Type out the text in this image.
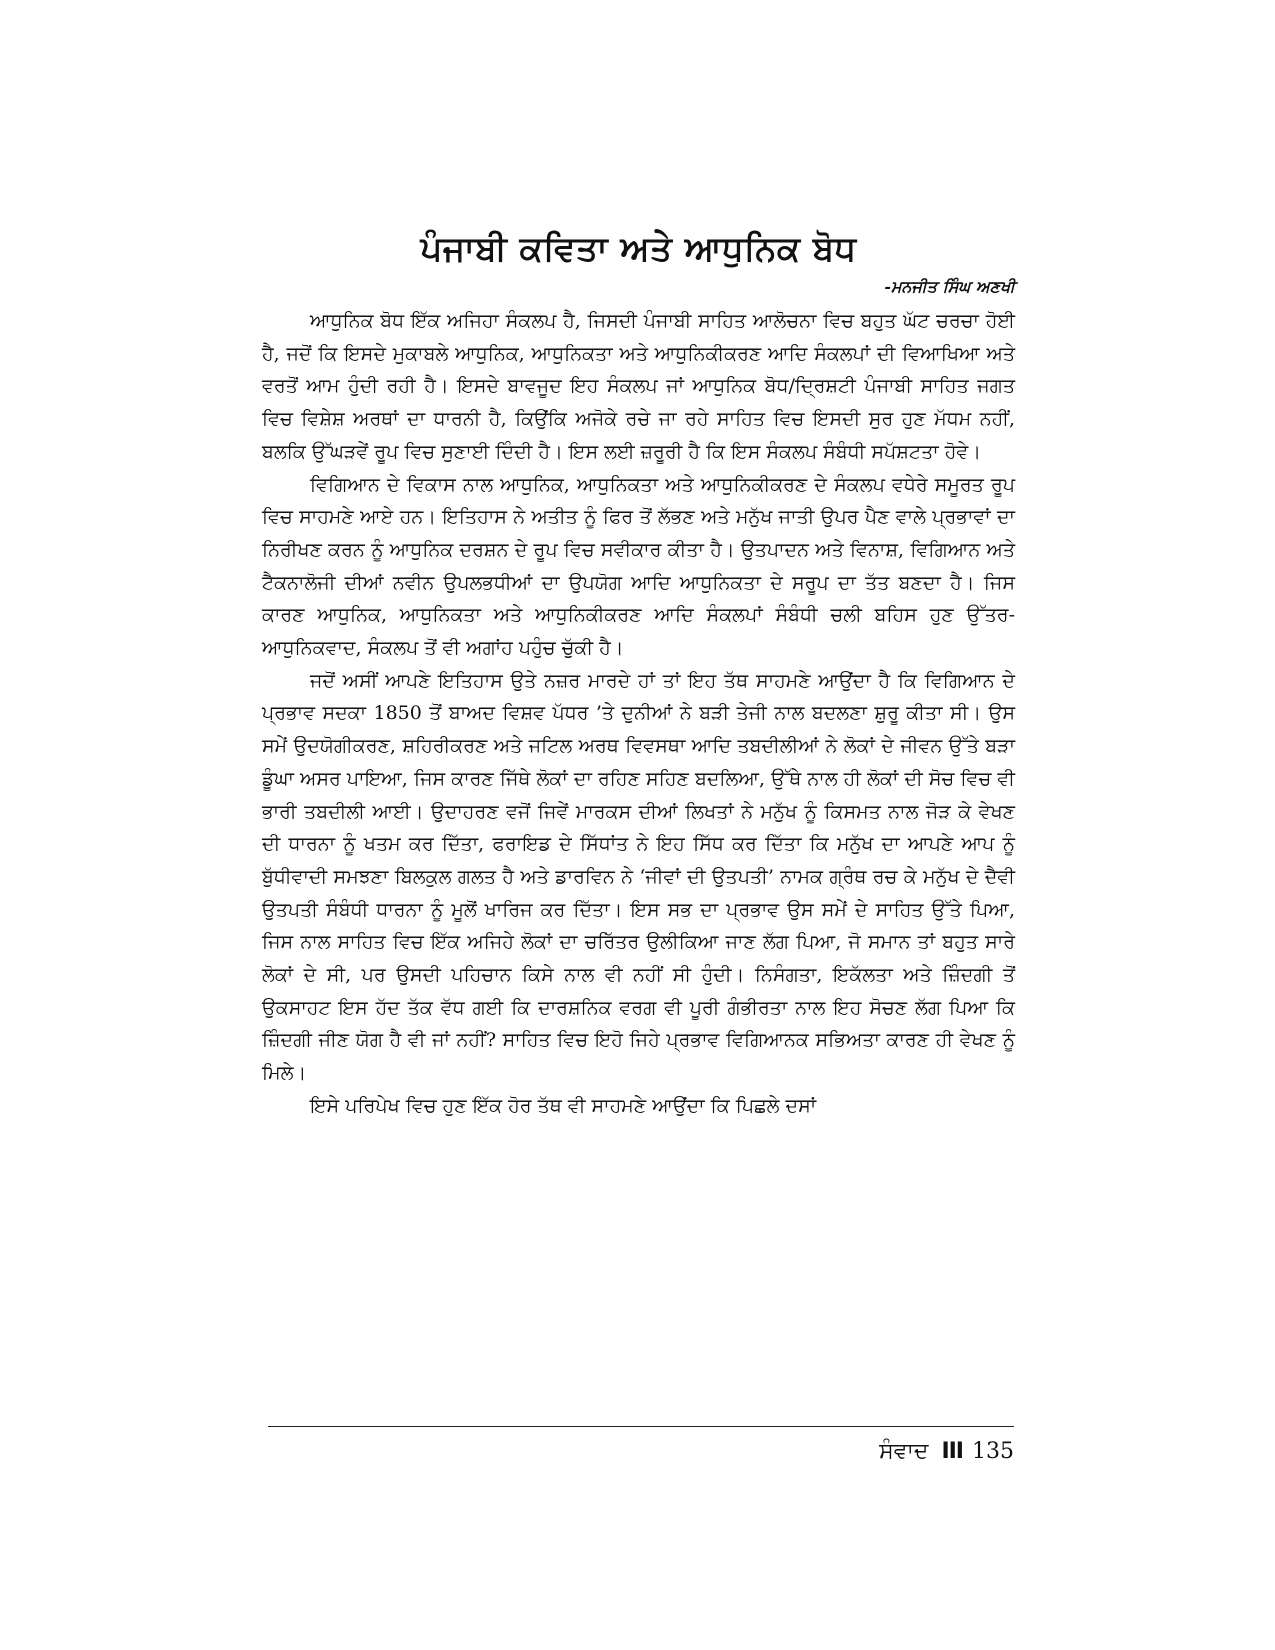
ਪੰਜਾਬੀ ਕਵਿਤਾ ਅਤੇ ਆਧੁਨਿਕ ਬੋਧ
-ਮਨਜੀਤ ਸਿੰਘ ਅਣਖੀ

ਆਧੁਨਿਕ ਬੋਧ ਇੱਕ ਅਜਿਹਾ ਸੰਕਲਪ ਹੈ, ਜਿਸਦੀ ਪੰਜਾਬੀ ਸਾਹਿਤ ਆਲੋਚਨਾ ਵਿਚ ਬਹੁਤ ਘੱਟ ਚਰਚਾ ਹੋਈ ਹੈ, ਜਦੋਂ ਕਿ ਇਸਦੇ ਮੁਕਾਬਲੇ ਆਧੁਨਿਕ, ਆਧੁਨਿਕਤਾ ਅਤੇ ਆਧੁਨਿਕੀਕਰਣ ਆਦਿ ਸੰਕਲਪਾਂ ਦੀ ਵਿਆਖਿਆ ਅਤੇ ਵਰਤੋਂ ਆਮ ਹੁੰਦੀ ਰਹੀ ਹੈ। ਇਸਦੇ ਬਾਵਜੂਦ ਇਹ ਸੰਕਲਪ ਜਾਂ ਆਧੁਨਿਕ ਬੋਧ/ਦ੍ਰਿਸ਼ਟੀ ਪੰਜਾਬੀ ਸਾਹਿਤ ਜਗਤ ਵਿਚ ਵਿਸ਼ੇਸ਼ ਅਰਥਾਂ ਦਾ ਧਾਰਨੀ ਹੈ, ਕਿਉਂਕਿ ਅਜੋਕੇ ਰਚੇ ਜਾ ਰਹੇ ਸਾਹਿਤ ਵਿਚ ਇਸਦੀ ਸੁਰ ਹੁਣ ਮੱਧਮ ਨਹੀਂ, ਬਲਕਿ ਉੱਘੜਵੇਂ ਰੂਪ ਵਿਚ ਸੁਣਾਈ ਦਿੰਦੀ ਹੈ। ਇਸ ਲਈ ਜ਼ਰੂਰੀ ਹੈ ਕਿ ਇਸ ਸੰਕਲਪ ਸੰਬੰਧੀ ਸਪੱਸ਼ਟਤਾ ਹੋਵੇ।

ਵਿਗਿਆਨ ਦੇ ਵਿਕਾਸ ਨਾਲ ਆਧੁਨਿਕ, ਆਧੁਨਿਕਤਾ ਅਤੇ ਆਧੁਨਿਕੀਕਰਣ ਦੇ ਸੰਕਲਪ ਵਧੇਰੇ ਸਮੂਰਤ ਰੂਪ ਵਿਚ ਸਾਹਮਣੇ ਆਏ ਹਨ। ਇਤਿਹਾਸ ਨੇ ਅਤੀਤ ਨੂੰ ਫਿਰ ਤੋਂ ਲੱਭਣ ਅਤੇ ਮਨੁੱਖ ਜਾਤੀ ਉਪਰ ਪੈਣ ਵਾਲੇ ਪ੍ਰਭਾਵਾਂ ਦਾ ਨਿਰੀਖਣ ਕਰਨ ਨੂੰ ਆਧੁਨਿਕ ਦਰਸ਼ਨ ਦੇ ਰੂਪ ਵਿਚ ਸਵੀਕਾਰ ਕੀਤਾ ਹੈ। ਉਤਪਾਦਨ ਅਤੇ ਵਿਨਾਸ਼, ਵਿਗਿਆਨ ਅਤੇ ਟੈਕਨਾਲੋਜੀ ਦੀਆਂ ਨਵੀਨ ਉਪਲਭਧੀਆਂ ਦਾ ਉਪਯੋਗ ਆਦਿ ਆਧੁਨਿਕਤਾ ਦੇ ਸਰੂਪ ਦਾ ਤੱਤ ਬਣਦਾ ਹੈ। ਜਿਸ ਕਾਰਣ ਆਧੁਨਿਕ, ਆਧੁਨਿਕਤਾ ਅਤੇ ਆਧੁਨਿਕੀਕਰਣ ਆਦਿ ਸੰਕਲਪਾਂ ਸੰਬੰਧੀ ਚਲੀ ਬਹਿਸ ਹੁਣ ਉੱਤਰ-ਆਧੁਨਿਕਵਾਦ, ਸੰਕਲਪ ਤੋਂ ਵੀ ਅਗਾਂਹ ਪਹੁੰਚ ਚੁੱਕੀ ਹੈ।

ਜਦੋਂ ਅਸੀਂ ਆਪਣੇ ਇਤਿਹਾਸ ਉਤੇ ਨਜ਼ਰ ਮਾਰਦੇ ਹਾਂ ਤਾਂ ਇਹ ਤੱਥ ਸਾਹਮਣੇ ਆਉਂਦਾ ਹੈ ਕਿ ਵਿਗਿਆਨ ਦੇ ਪ੍ਰਭਾਵ ਸਦਕਾ 1850 ਤੋਂ ਬਾਅਦ ਵਿਸ਼ਵ ਪੱਧਰ ’ਤੇ ਦੁਨੀਆਂ ਨੇ ਬੜੀ ਤੇਜੀ ਨਾਲ ਬਦਲਣਾ ਸ਼ੁਰੂ ਕੀਤਾ ਸੀ। ਉਸ ਸਮੇਂ ਉਦਯੋਗੀਕਰਣ, ਸ਼ਹਿਰੀਕਰਣ ਅਤੇ ਜਟਿਲ ਅਰਥ ਵਿਵਸਥਾ ਆਦਿ ਤਬਦੀਲੀਆਂ ਨੇ ਲੋਕਾਂ ਦੇ ਜੀਵਨ ਉੱਤੇ ਬੜਾ ਡੂੰਘਾ ਅਸਰ ਪਾਇਆ, ਜਿਸ ਕਾਰਣ ਜਿੱਥੇ ਲੋਕਾਂ ਦਾ ਰਹਿਣ ਸਹਿਣ ਬਦਲਿਆ, ਉੱਥੇ ਨਾਲ ਹੀ ਲੋਕਾਂ ਦੀ ਸੋਚ ਵਿਚ ਵੀ ਭਾਰੀ ਤਬਦੀਲੀ ਆਈ। ਉਦਾਹਰਣ ਵਜੋਂ ਜਿਵੇਂ ਮਾਰਕਸ ਦੀਆਂ ਲਿਖਤਾਂ ਨੇ ਮਨੁੱਖ ਨੂੰ ਕਿਸਮਤ ਨਾਲ ਜੋੜ ਕੇ ਵੇਖਣ ਦੀ ਧਾਰਨਾ ਨੂੰ ਖਤਮ ਕਰ ਦਿੱਤਾ, ਫਰਾਇਡ ਦੇ ਸਿੱਧਾਂਤ ਨੇ ਇਹ ਸਿੱਧ ਕਰ ਦਿੱਤਾ ਕਿ ਮਨੁੱਖ ਦਾ ਆਪਣੇ ਆਪ ਨੂੰ ਬੁੱਧੀਵਾਦੀ ਸਮਝਣਾ ਬਿਲਕੁਲ ਗਲਤ ਹੈ ਅਤੇ ਡਾਰਵਿਨ ਨੇ ‘ਜੀਵਾਂ ਦੀ ਉਤਪਤੀ’ ਨਾਮਕ ਗ੍ਰੰਥ ਰਚ ਕੇ ਮਨੁੱਖ ਦੇ ਦੈਵੀ ਉਤਪਤੀ ਸੰਬੰਧੀ ਧਾਰਨਾ ਨੂੰ ਮੂਲੋਂ ਖਾਰਿਜ ਕਰ ਦਿੱਤਾ। ਇਸ ਸਭ ਦਾ ਪ੍ਰਭਾਵ ਉਸ ਸਮੇਂ ਦੇ ਸਾਹਿਤ ਉੱਤੇ ਪਿਆ, ਜਿਸ ਨਾਲ ਸਾਹਿਤ ਵਿਚ ਇੱਕ ਅਜਿਹੇ ਲੋਕਾਂ ਦਾ ਚਰਿੱਤਰ ਉਲੀਕਿਆ ਜਾਣ ਲੱਗ ਪਿਆ, ਜੋ ਸਮਾਨ ਤਾਂ ਬਹੁਤ ਸਾਰੇ ਲੋਕਾਂ ਦੇ ਸੀ, ਪਰ ਉਸਦੀ ਪਹਿਚਾਨ ਕਿਸੇ ਨਾਲ ਵੀ ਨਹੀਂ ਸੀ ਹੁੰਦੀ। ਨਿਸੰਗਤਾ, ਇਕੱਲਤਾ ਅਤੇ ਜ਼ਿੰਦਗੀ ਤੋਂ ਉਕਸਾਹਟ ਇਸ ਹੱਦ ਤੱਕ ਵੱਧ ਗਈ ਕਿ ਦਾਰਸ਼ਨਿਕ ਵਰਗ ਵੀ ਪੂਰੀ ਗੰਭੀਰਤਾ ਨਾਲ ਇਹ ਸੋਚਣ ਲੱਗ ਪਿਆ ਕਿ ਜ਼ਿੰਦਗੀ ਜੀਣ ਯੋਗ ਹੈ ਵੀ ਜਾਂ ਨਹੀਂ? ਸਾਹਿਤ ਵਿਚ ਇਹੋ ਜਿਹੇ ਪ੍ਰਭਾਵ ਵਿਗਿਆਨਕ ਸਭਿਅਤਾ ਕਾਰਣ ਹੀ ਵੇਖਣ ਨੂੰ ਮਿਲੇ।

ਇਸੇ ਪਰਿਪੇਖ ਵਿਚ ਹੁਣ ਇੱਕ ਹੋਰ ਤੱਥ ਵੀ ਸਾਹਮਣੇ ਆਉਂਦਾ ਕਿ ਪਿਛਲੇ ਦਸਾਂ

ਸੰਵਾਦ III 135
